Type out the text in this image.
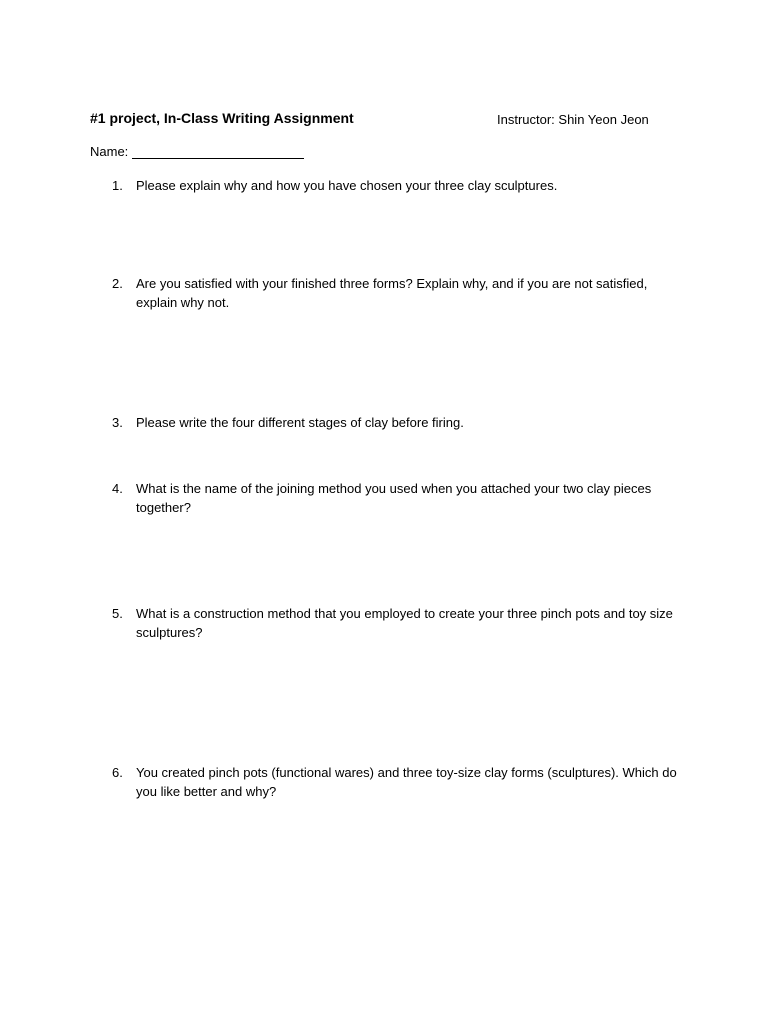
#1 project, In-Class Writing Assignment	Instructor: Shin Yeon Jeon
Name:
1.	Please explain why and how you have chosen your three clay sculptures.
2.	Are you satisfied with your finished three forms? Explain why, and if you are not satisfied, explain why not.
3.	Please write the four different stages of clay before firing.
4.	What is the name of the joining method you used when you attached your two clay pieces together?
5.	What is a construction method that you employed to create your three pinch pots and toy size sculptures?
6.	You created pinch pots (functional wares) and three toy-size clay forms (sculptures). Which do you like better and why?
